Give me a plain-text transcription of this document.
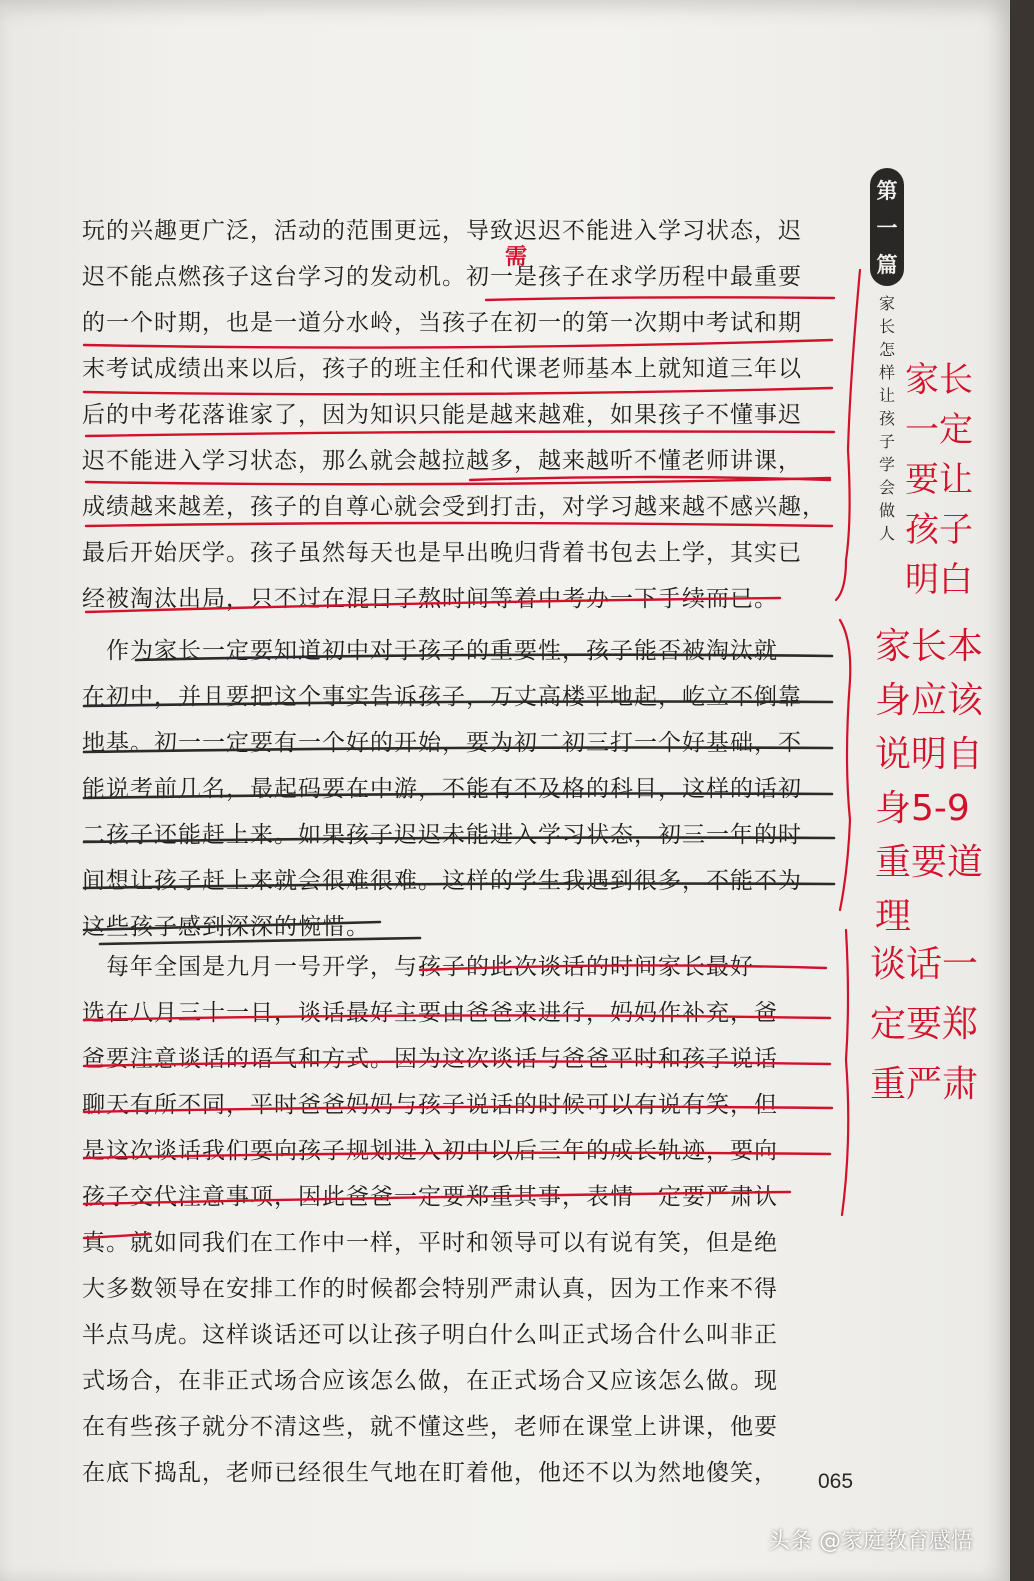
玩的兴趣更广泛，活动的范围更远，导致迟迟不能进入学习状态，迟
迟不能点燃孩子这台学习的发动机。初一是孩子在求学历程中最重要
的一个时期，也是一道分水岭，当孩子在初一的第一次期中考试和期
末考试成绩出来以后，孩子的班主任和代课老师基本上就知道三年以
后的中考花落谁家了，因为知识只能是越来越难，如果孩子不懂事迟
迟不能进入学习状态，那么就会越拉越多，越来越听不懂老师讲课，
成绩越来越差，孩子的自尊心就会受到打击，对学习越来越不感兴趣，
最后开始厌学。孩子虽然每天也是早出晚归背着书包去上学，其实已
经被淘汰出局，只不过在混日子熬时间等着中考办一下手续而已。
　作为家长一定要知道初中对于孩子的重要性，孩子能否被淘汰就
在初中，并且要把这个事实告诉孩子，万丈高楼平地起，屹立不倒靠
地基。初一一定要有一个好的开始，要为初二初三打一个好基础，不
能说考前几名，最起码要在中游，不能有不及格的科目，这样的话初
二孩子还能赶上来。如果孩子迟迟未能进入学习状态，初三一年的时
间想让孩子赶上来就会很难很难。这样的学生我遇到很多，不能不为
这些孩子感到深深的惋惜。
　每年全国是九月一号开学，与孩子的此次谈话的时间家长最好
选在八月三十一日，谈话最好主要由爸爸来进行，妈妈作补充，爸
爸要注意谈话的语气和方式。因为这次谈话与爸爸平时和孩子说话
聊天有所不同，平时爸爸妈妈与孩子说话的时候可以有说有笑，但
是这次谈话我们要向孩子规划进入初中以后三年的成长轨迹，要向
孩子交代注意事项，因此爸爸一定要郑重其事，表情一定要严肃认
真。就如同我们在工作中一样，平时和领导可以有说有笑，但是绝
大多数领导在安排工作的时候都会特别严肃认真，因为工作来不得
半点马虎。这样谈话还可以让孩子明白什么叫正式场合什么叫非正
式场合，在非正式场合应该怎么做，在正式场合又应该怎么做。现
在有些孩子就分不清这些，就不懂这些，老师在课堂上讲课，他要
在底下捣乱，老师已经很生气地在盯着他，他还不以为然地傻笑，
第
一
篇
家
长
怎
样
让
孩
子
学
会
做
人
需
家长一定要让孩子明白
家长本身应该说明自身5-9重要道理
谈话一定要郑重严肃
065
头条 @家庭教育感悟
